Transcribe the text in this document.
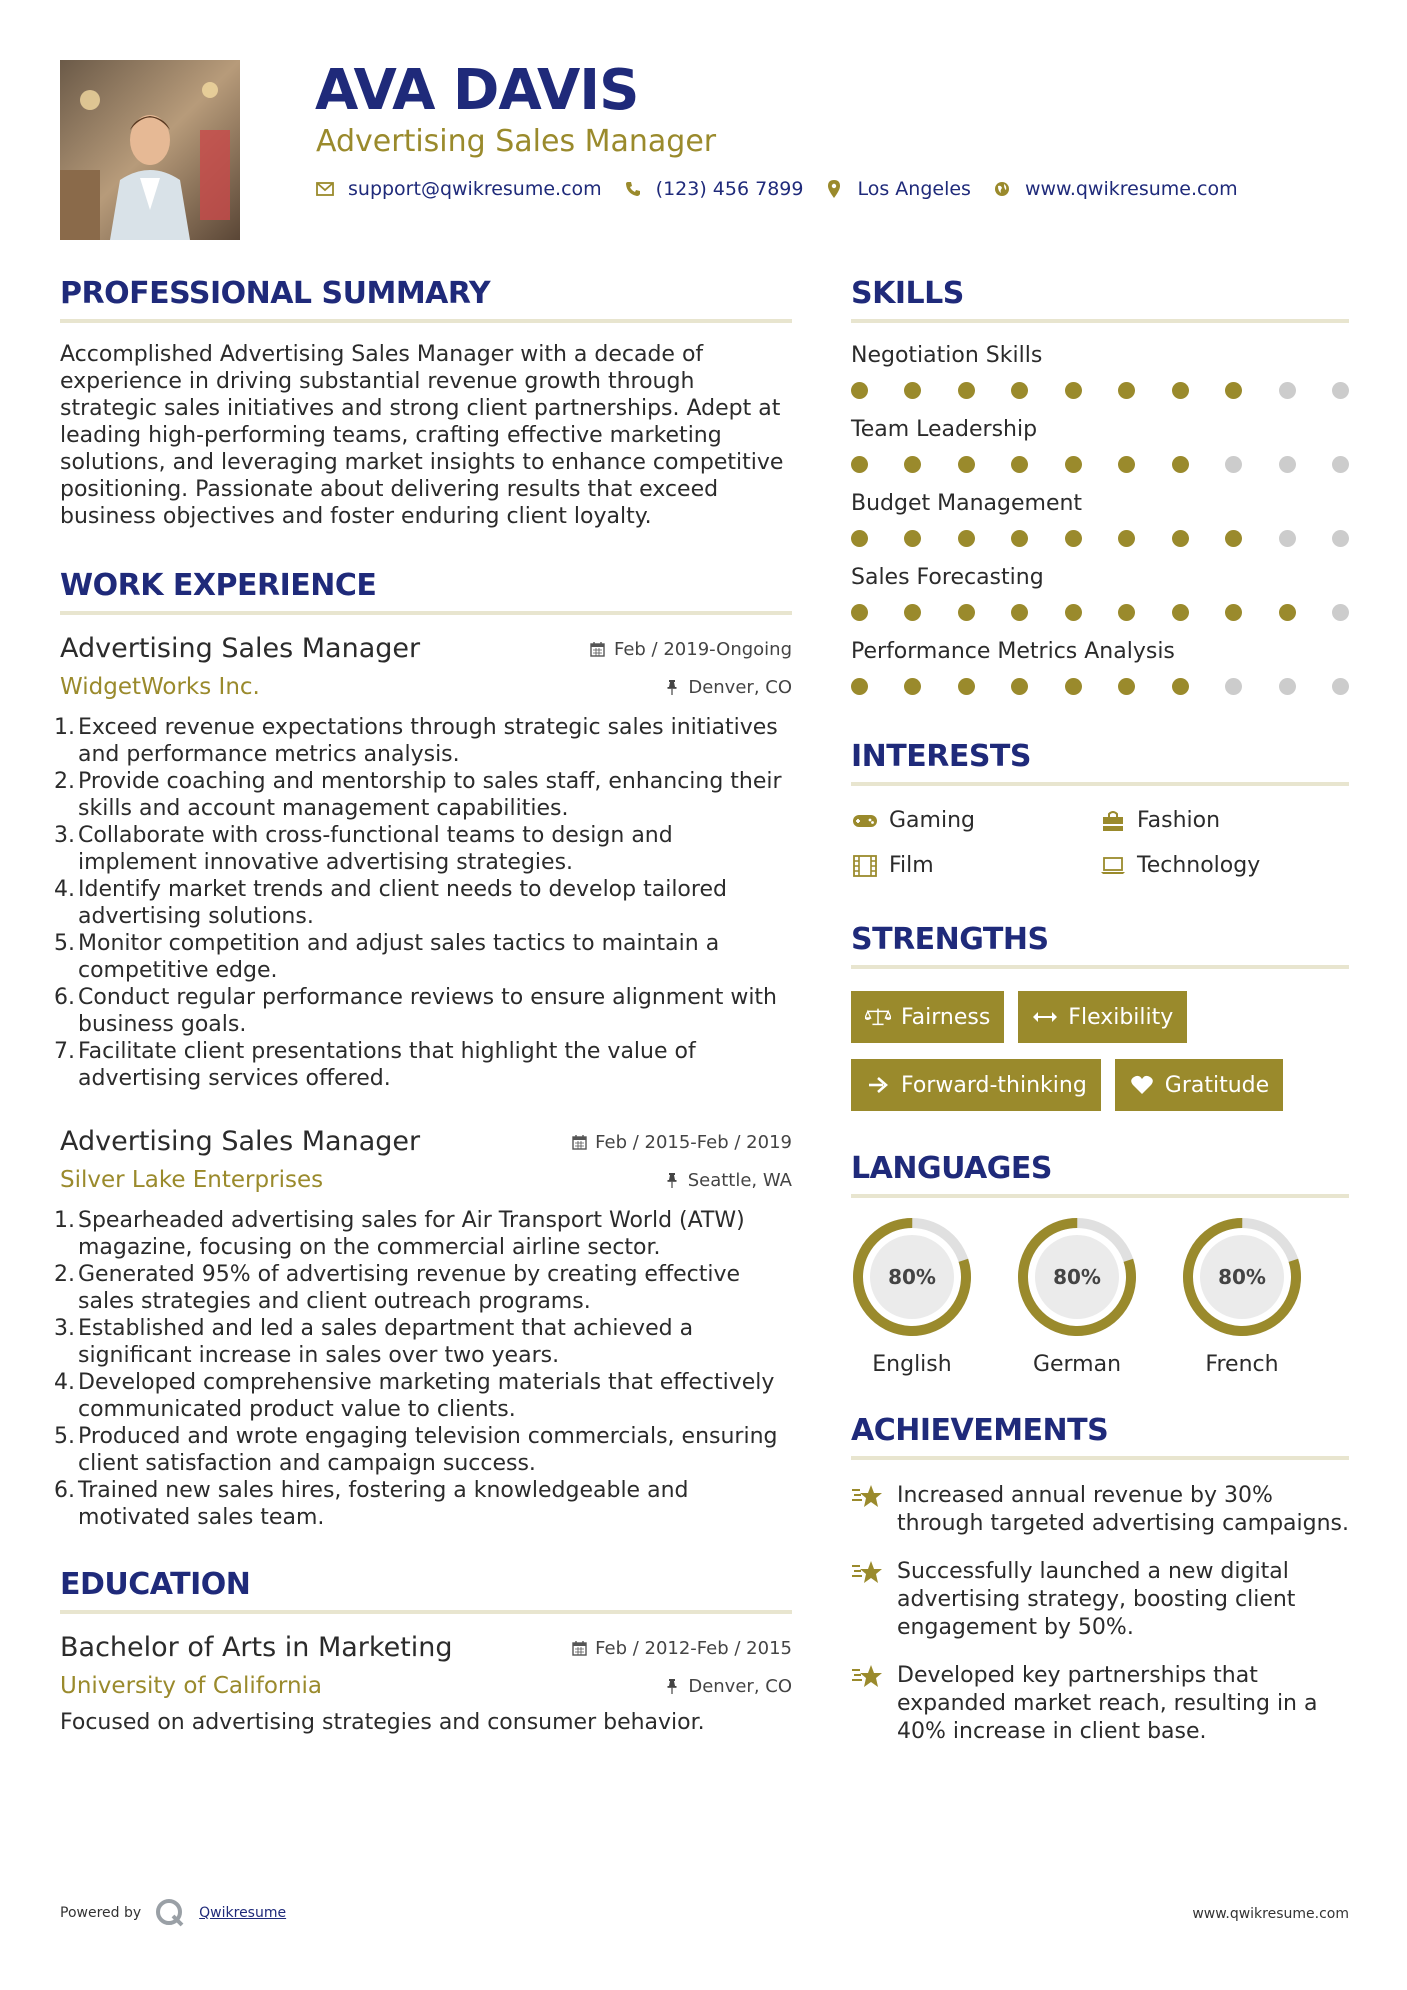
AVA DAVIS
Advertising Sales Manager
support@qwikresume.com	(123) 456 7899	Los Angeles	www.qwikresume.com
PROFESSIONAL SUMMARY
Accomplished Advertising Sales Manager with a decade of experience in driving substantial revenue growth through strategic sales initiatives and strong client partnerships. Adept at leading high-performing teams, crafting effective marketing solutions, and leveraging market insights to enhance competitive positioning. Passionate about delivering results that exceed business objectives and foster enduring client loyalty.
WORK EXPERIENCE
Advertising Sales Manager	Feb / 2019-Ongoing
WidgetWorks Inc.	Denver, CO
1. Exceed revenue expectations through strategic sales initiatives and performance metrics analysis.
2. Provide coaching and mentorship to sales staff, enhancing their skills and account management capabilities.
3. Collaborate with cross-functional teams to design and implement innovative advertising strategies.
4. Identify market trends and client needs to develop tailored advertising solutions.
5. Monitor competition and adjust sales tactics to maintain a competitive edge.
6. Conduct regular performance reviews to ensure alignment with business goals.
7. Facilitate client presentations that highlight the value of advertising services offered.
Advertising Sales Manager	Feb / 2015-Feb / 2019
Silver Lake Enterprises	Seattle, WA
1. Spearheaded advertising sales for Air Transport World (ATW) magazine, focusing on the commercial airline sector.
2. Generated 95% of advertising revenue by creating effective sales strategies and client outreach programs.
3. Established and led a sales department that achieved a significant increase in sales over two years.
4. Developed comprehensive marketing materials that effectively communicated product value to clients.
5. Produced and wrote engaging television commercials, ensuring client satisfaction and campaign success.
6. Trained new sales hires, fostering a knowledgeable and motivated sales team.
EDUCATION
Bachelor of Arts in Marketing	Feb / 2012-Feb / 2015
University of California	Denver, CO
Focused on advertising strategies and consumer behavior.
SKILLS
Negotiation Skills
Team Leadership
Budget Management
Sales Forecasting
Performance Metrics Analysis
INTERESTS
Gaming	Fashion
Film	Technology
STRENGTHS
Fairness	Flexibility
Forward-thinking	Gratitude
LANGUAGES
80%
English
80%
German
80%
French
ACHIEVEMENTS
Increased annual revenue by 30% through targeted advertising campaigns.
Successfully launched a new digital advertising strategy, boosting client engagement by 50%.
Developed key partnerships that expanded market reach, resulting in a 40% increase in client base.
Powered by	Qwikresume	www.qwikresume.com
